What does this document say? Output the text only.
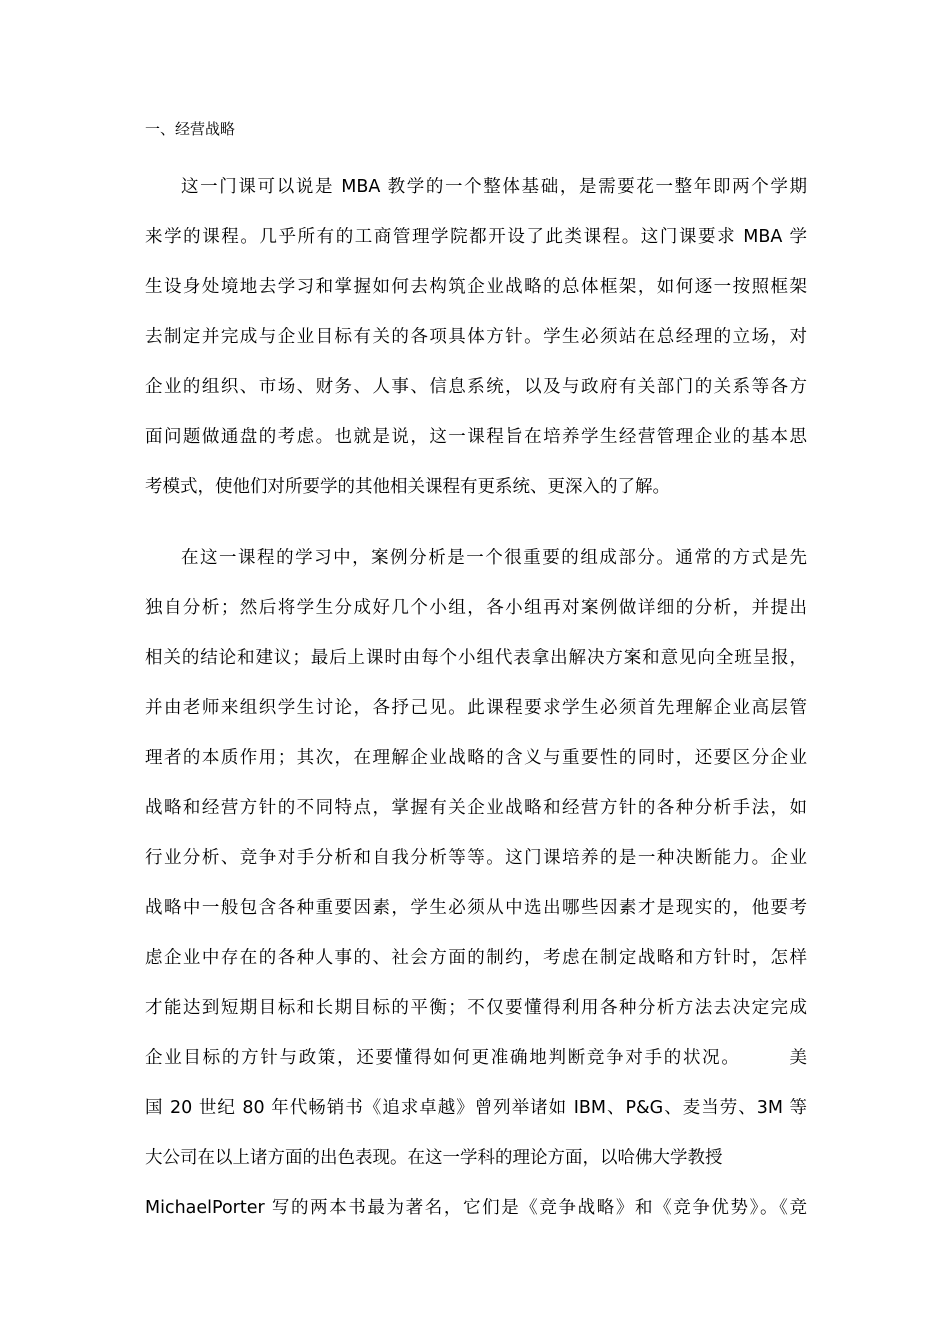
一、经营战略
这一门课可以说是 MBA 教学的一个整体基础，是需要花一整年即两个学期
来学的课程。几乎所有的工商管理学院都开设了此类课程。这门课要求 MBA 学
生设身处境地去学习和掌握如何去构筑企业战略的总体框架，如何逐一按照框架
去制定并完成与企业目标有关的各项具体方针。学生必须站在总经理的立场，对
企业的组织、市场、财务、人事、信息系统，以及与政府有关部门的关系等各方
面问题做通盘的考虑。也就是说，这一课程旨在培养学生经营管理企业的基本思
考模式，使他们对所要学的其他相关课程有更系统、更深入的了解。
在这一课程的学习中，案例分析是一个很重要的组成部分。通常的方式是先
独自分析；然后将学生分成好几个小组，各小组再对案例做详细的分析，并提出
相关的结论和建议；最后上课时由每个小组代表拿出解决方案和意见向全班呈报，
并由老师来组织学生讨论，各抒己见。此课程要求学生必须首先理解企业高层管
理者的本质作用；其次，在理解企业战略的含义与重要性的同时，还要区分企业
战略和经营方针的不同特点，掌握有关企业战略和经营方针的各种分析手法，如
行业分析、竞争对手分析和自我分析等等。这门课培养的是一种决断能力。企业
战略中一般包含各种重要因素，学生必须从中选出哪些因素才是现实的，他要考
虑企业中存在的各种人事的、社会方面的制约，考虑在制定战略和方针时，怎样
才能达到短期目标和长期目标的平衡；不仅要懂得利用各种分析方法去决定完成
企业目标的方针与政策，还要懂得如何更准确地判断竞争对手的状况。　　　美
国 20 世纪 80 年代畅销书《追求卓越》曾列举诸如 IBM、P&G、麦当劳、3M 等
大公司在以上诸方面的出色表现。在这一学科的理论方面，以哈佛大学教授
MichaelPorter 写的两本书最为著名，它们是《竞争战略》和《竞争优势》。《竞
